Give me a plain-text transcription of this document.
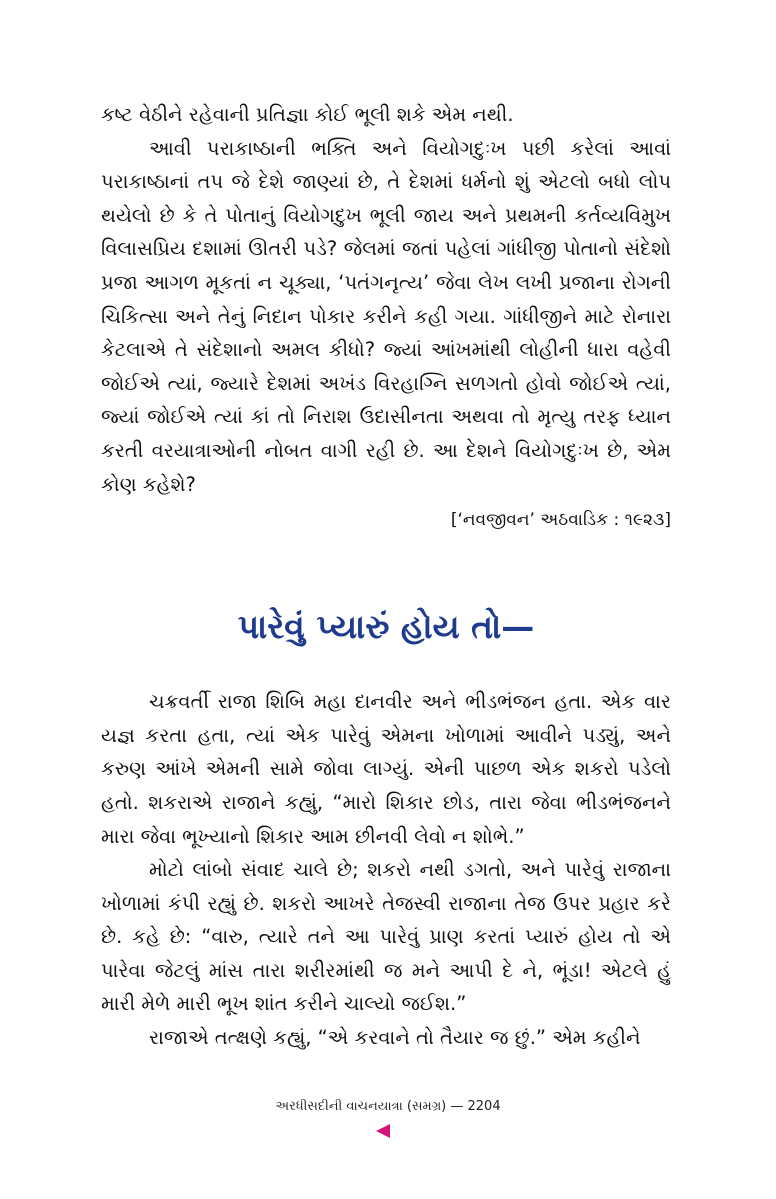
કષ્ટ વેઠીને રહેવાની પ્રતિજ્ઞા કોઈ ભૂલી શકે એમ નથી.

આવી પરાકાષ્ઠાની ભક્તિ અને વિયોગદુઃખ પછી કરેલાં આવાં પરાકાષ્ઠાનાં તપ જે દેશે જાણ્યાં છે, તે દેશમાં ધર્મનો શું એટલો બધો લોપ થયેલો છે કે તે પોતાનું વિયોગદુખ ભૂલી જાય અને પ્રથમની કર્તવ્યવિમુખ વિલાસપ્રિય દશામાં ઊતરી પડે? જેલમાં જતાં પહેલાં ગાંધીજી પોતાનો સંદેશો પ્રજા આગળ મૂકતાં ન ચૂક્યા, ‘પતંગનૃત્ય’ જેવા લેખ લખી પ્રજાના રોગની ચિકિત્સા અને તેનું નિદાન પોકાર કરીને કહી ગયા. ગાંધીજીને માટે રોનારા કેટલાએ તે સંદેશાનો અમલ કીધો? જ્યાં આંખમાંથી લોહીની ધારા વહેવી જોઈએ ત્યાં, જ્યારે દેશમાં અખંડ વિરહાગ્નિ સળગતો હોવો જોઈએ ત્યાં, જ્યાં જોઈએ ત્યાં કાં તો નિરાશ ઉદાસીનતા અથવા તો મૃત્યુ તરફ ધ્યાન કરતી વરયાત્રાઓની નોબત વાગી રહી છે. આ દેશને વિયોગદુઃખ છે, એમ કોણ કહેશે?

[‘નવજીવન’ અઠવાડિક : ૧૯૨૩]

પારેવું પ્યારું હોય તો—

ચક્રવર્તી રાજા શિબિ મહા દાનવીર અને ભીડભંજન હતા. એક વાર યજ્ઞ કરતા હતા, ત્યાં એક પારેવું એમના ખોળામાં આવીને પડ્યું, અને કરુણ આંખે એમની સામે જોવા લાગ્યું. એની પાછળ એક શકરો પડેલો હતો. શકરાએ રાજાને કહ્યું, “મારો શિકાર છોડ, તારા જેવા ભીડભંજનને મારા જેવા ભૂખ્યાનો શિકાર આમ છીનવી લેવો ન શોભે.”

મોટો લાંબો સંવાદ ચાલે છે; શકરો નથી ડગતો, અને પારેવું રાજાના ખોળામાં કંપી રહ્યું છે. શકરો આખરે તેજસ્વી રાજાના તેજ ઉપર પ્રહાર કરે છે. કહે છે: “વારુ, ત્યારે તને આ પારેવું પ્રાણ કરતાં પ્યારું હોય તો એ પારેવા જેટલું માંસ તારા શરીરમાંથી જ મને આપી દે ને, ભૂંડા! એટલે હું મારી મેળે મારી ભૂખ શાંત કરીને ચાલ્યો જઈશ.”

રાજાએ તત્ક્ષણે કહ્યું, “એ કરવાને તો તૈયાર જ છું.” એમ કહીને

અરધીસદીની વાચનયાત્રા (સમગ્ર) — 2204
